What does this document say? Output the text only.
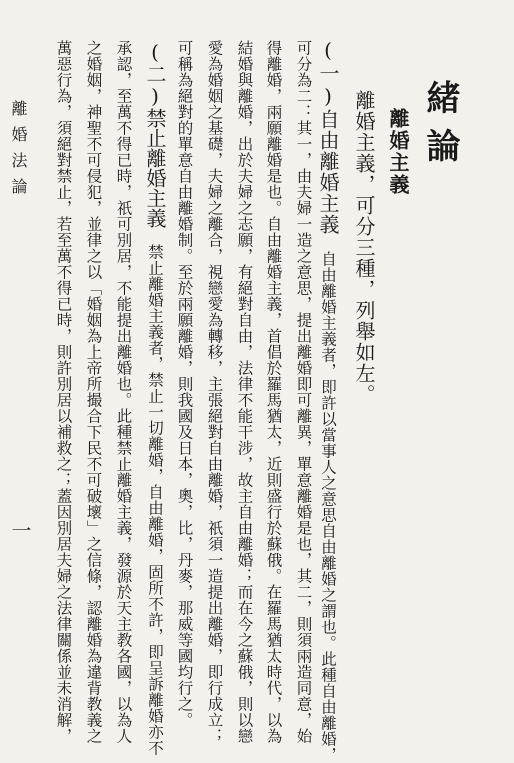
緒論
離婚主義
離婚主義，可分三種，列舉如左。
(一)自由離婚主義自由離婚主義者，即許以當事人之意思自由離婚之謂也。此種自由離婚，
可分為二：其一，由夫婦一造之意思，提出離婚即可離異，單意離婚是也，其二，則須兩造同意，始
得離婚，兩願離婚是也。自由離婚主義，首倡於羅馬猶太，近則盛行於蘇俄。在羅馬猶太時代，以為
結婚與離婚，出於夫婦之志願，有絕對自由，法律不能干涉，故主自由離婚；而在今之蘇俄，則以戀
愛為婚姻之基礎，夫婦之離合，視戀愛為轉移，主張絕對自由離婚，祇須一造提出離婚，即行成立；
可稱為絕對的單意自由離婚制。至於兩願離婚，則我國及日本，奧，比，丹麥，那威等國均行之。
(二)禁止離婚主義禁止離婚主義者，禁止一切離婚，自由離婚，固所不許，即呈訴離婚亦不
承認，至萬不得已時，祇可別居，不能提出離婚也。此種禁止離婚主義，發源於天主教各國，以為人
之婚姻，神聖不可侵犯，並律之以「婚姻為上帝所撮合下民不可破壞」之信條，認離婚為違背教義之
萬惡行為，須絕對禁止，若至萬不得已時，則許別居以補救之；蓋因別居夫婦之法律關係並未消解，
離婚法論
一
